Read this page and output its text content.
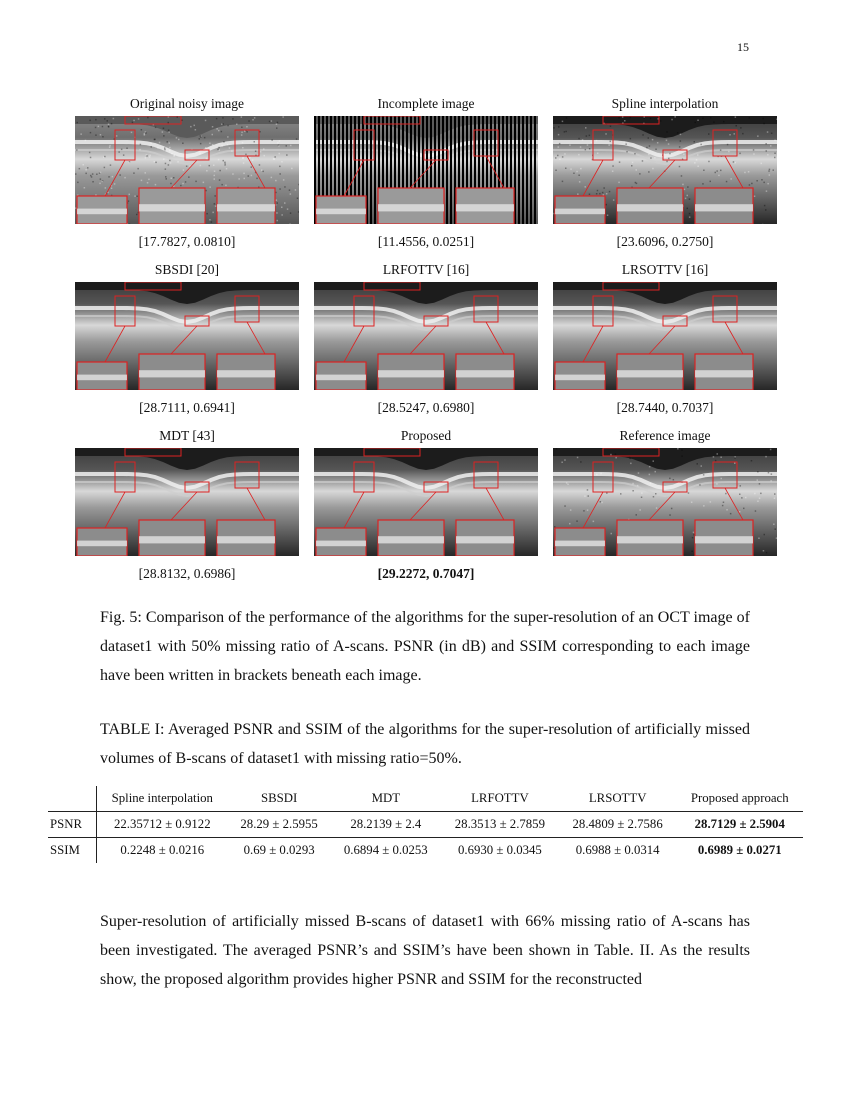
15
Original noisy image
[17.7827, 0.0810]
Incomplete image
[11.4556, 0.0251]
Spline interpolation
[23.6096, 0.2750]
SBSDI [20]
[28.7111, 0.6941]
LRFOTTV [16]
[28.5247, 0.6980]
LRSOTTV [16]
[28.7440, 0.7037]
MDT [43]
[28.8132, 0.6986]
Proposed
[29.2272, 0.7047]
Reference image
Fig. 5: Comparison of the performance of the algorithms for the super-resolution of an OCT image of dataset1 with 50% missing ratio of A-scans. PSNR (in dB) and SSIM corresponding to each image have been written in brackets beneath each image.
TABLE I: Averaged PSNR and SSIM of the algorithms for the super-resolution of artificially missed volumes of B-scans of dataset1 with missing ratio=50%.
	Spline interpolation	SBSDI	MDT	LRFOTTV	LRSOTTV	Proposed approach
PSNR	22.35712 ± 0.9122	28.29 ± 2.5955	28.2139 ± 2.4	28.3513 ± 2.7859	28.4809 ± 2.7586	28.7129 ± 2.5904
SSIM	0.2248 ± 0.0216	0.69 ± 0.0293	0.6894 ± 0.0253	0.6930 ± 0.0345	0.6988 ± 0.0314	0.6989 ± 0.0271
Super-resolution of artificially missed B-scans of dataset1 with 66% missing ratio of A-scans has been investigated. The averaged PSNR’s and SSIM’s have been shown in Table. II. As the results show, the proposed algorithm provides higher PSNR and SSIM for the reconstructed
